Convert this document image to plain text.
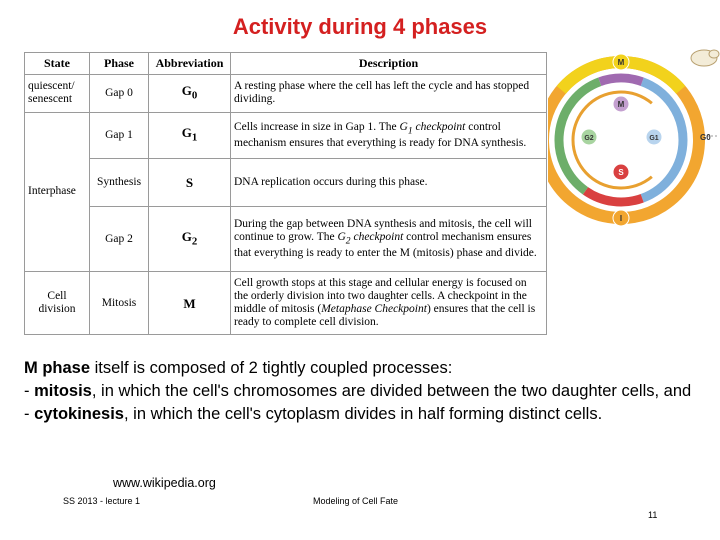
Activity during 4 phases
State	Phase	Abbreviation	Description
quiescent/ senescent	Gap 0	$G_0$	A resting phase where the cell has left the cycle and has stopped dividing.
Interphase	Gap 1	$G_1$	Cells increase in size in Gap 1. The $G_1$ checkpoint control mechanism ensures that everything is ready for DNA synthesis.
	Synthesis	S	DNA replication occurs during this phase.
	Gap 2	$G_2$	During the gap between DNA synthesis and mitosis, the cell will continue to grow. The $G_2$ checkpoint control mechanism ensures that everything is ready to enter the M (mitosis) phase and divide.
Cell division	Mitosis	M	Cell growth stops at this stage and cellular energy is focused on the orderly division into two daughter cells. A checkpoint in the middle of mitosis (Metaphase Checkpoint) ensures that the cell is ready to complete cell division.
M
M
G2	G1
S
I
G0

M phase itself is composed of 2 tightly coupled processes:

- mitosis, in which the cell's chromosomes are divided between the two daughter cells, and

- cytokinesis, in which the cell's cytoplasm divides in half forming distinct cells.

www.wikipedia.org
SS 2013 - lecture 1	Modeling of Cell Fate
11
